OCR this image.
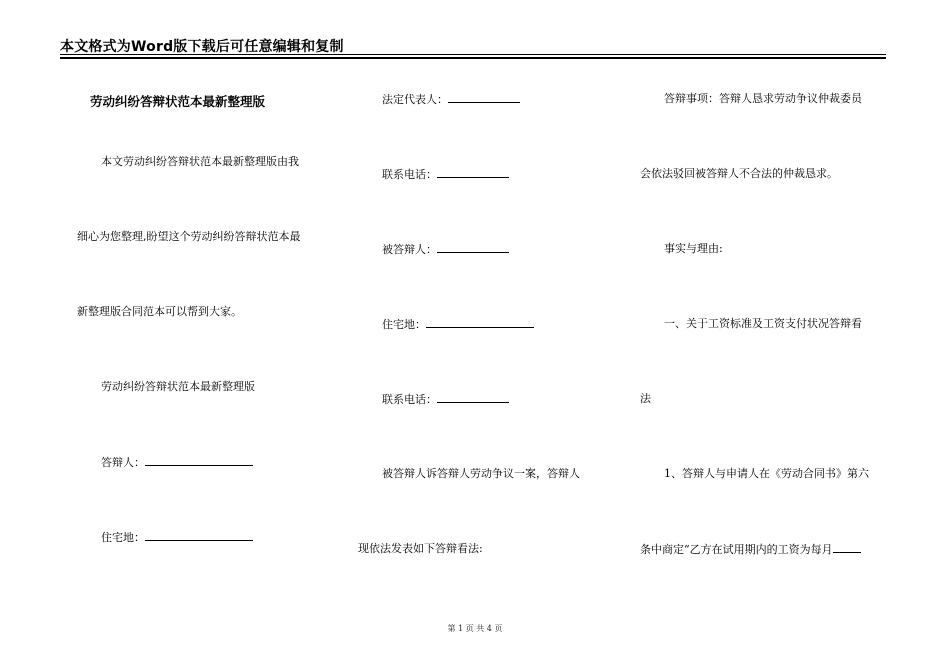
本文格式为Word版下载后可任意编辑和复制
劳动纠纷答辩状范本最新整理版
本文劳动纠纷答辩状范本最新整理版由我
细心为您整理,盼望这个劳动纠纷答辩状范本最
新整理版合同范本可以帮到大家。
劳动纠纷答辩状范本最新整理版
答辩人：
住宅地：
法定代表人：
联系电话：
被答辩人：
住宅地：
联系电话：
被答辩人诉答辩人劳动争议一案，答辩人
现依法发表如下答辩看法:
答辩事项：答辩人恳求劳动争议仲裁委员
会依法驳回被答辩人不合法的仲裁恳求。
事实与理由:
一、关于工资标准及工资支付状况答辩看
法
1、答辩人与申请人在《劳动合同书》第六
条中商定“乙方在试用期内的工资为每月
第 1 页 共 4 页
